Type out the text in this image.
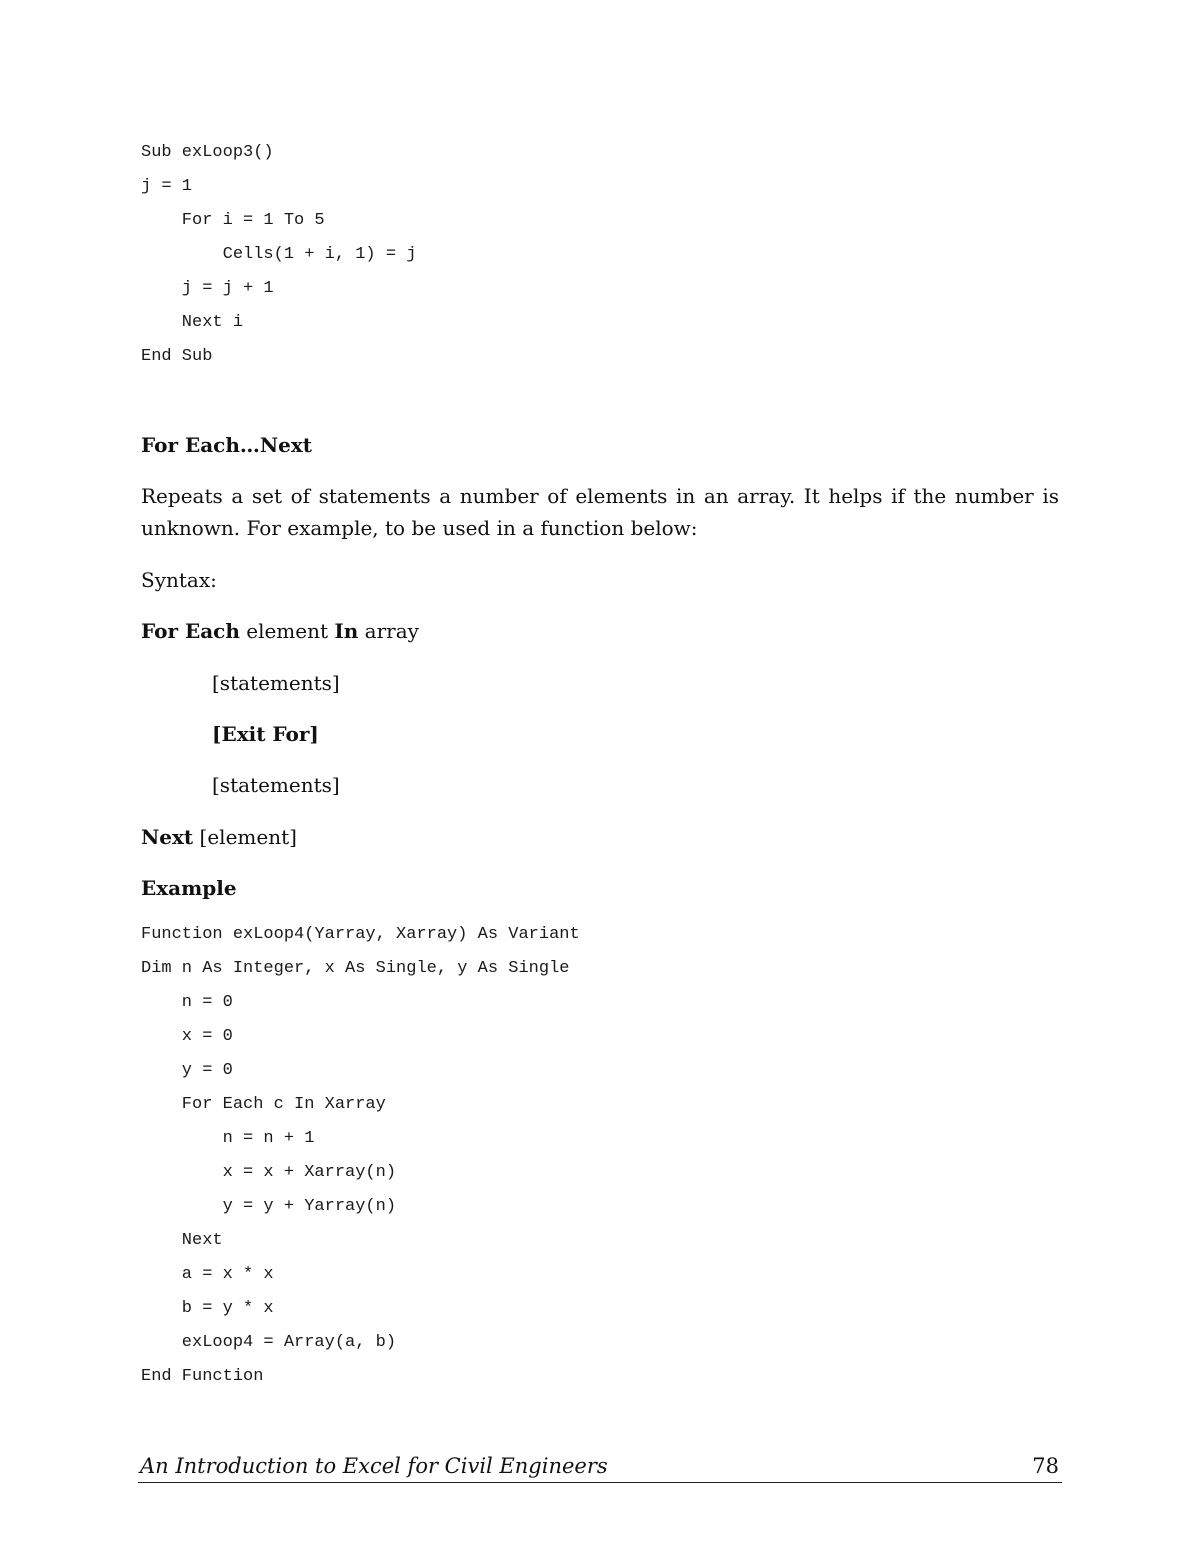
Sub exLoop3()
j = 1
For i = 1 To 5
Cells(1 + i, 1) = j
j = j + 1
Next i
End Sub
For Each…Next
Repeats a set of statements a number of elements in an array. It helps if the number is unknown. For example, to be used in a function below:
Syntax:
For Each element In array
[statements]
[Exit For]
[statements]
Next [element]
Example
Function exLoop4(Yarray, Xarray) As Variant
Dim n As Integer, x As Single, y As Single
n = 0
x = 0
y = 0
For Each c In Xarray
n = n + 1
x = x + Xarray(n)
y = y + Yarray(n)
Next
a = x * x
b = y * x
exLoop4 = Array(a, b)
End Function
An Introduction to Excel for Civil Engineers	78
